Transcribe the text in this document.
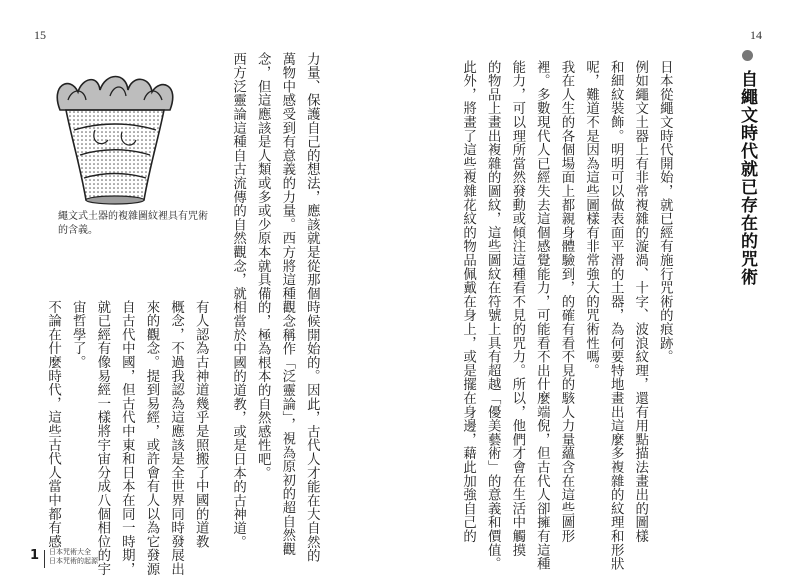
15	14
自繩文時代就已存在的咒術
日本從繩文時代開始，就已經有施行咒術的痕跡。
例如繩文土器上有非常複雜的漩渦、十字、波浪紋理，還有用點描法畫出的圖樣
和細紋裝飾。明明可以做表面平滑的土器，為何要特地畫出這麼多複雜的紋理和形狀
呢，難道不是因為這些圖樣有非常強大的咒術性嗎。
我在人生的各個場面上都親身體驗到，的確有看不見的駭人力量蘊含在這些圖形
裡。多數現代人已經失去這個感覺能力，可能看不出什麼端倪，但古代人卻擁有這種
能力，可以理所當然發動或傾注這種看不見的咒力。所以，他們才會在生活中觸摸
的物品上畫出複雜的圖紋，這些圖紋在符號上具有超越「優美藝術」的意義和價值。
此外，將畫了這些複雜花紋的物品佩戴在身上，或是擺在身邊，藉此加強自己的
力量、保護自己的想法，應該就是從那個時候開始的。因此，古代人才能在大自然的
萬物中感受到有意義的力量。西方將這種觀念稱作「泛靈論」，視為原初的超自然觀
念，但這應該是人類或多或少原本就具備的，極為根本的自然感性吧。
西方泛靈論這種自古流傳的自然觀念，就相當於中國的道教，或是日本的古神道。
有人認為古神道幾乎是照搬了中國的道教
概念，不過我認為這應該是全世界同時發展出
來的觀念。提到易經，或許會有人以為它發源
自古代中國，但古代中東和日本在同一時期，
就已經有像易經一樣將宇宙分成八個相位的宇
宙哲學了。
不論在什麼時代，這些古代人當中都有感
繩文式土器的複雜圖紋裡具有咒術的含義。
1 日本咒術大全
日本咒術的起源
